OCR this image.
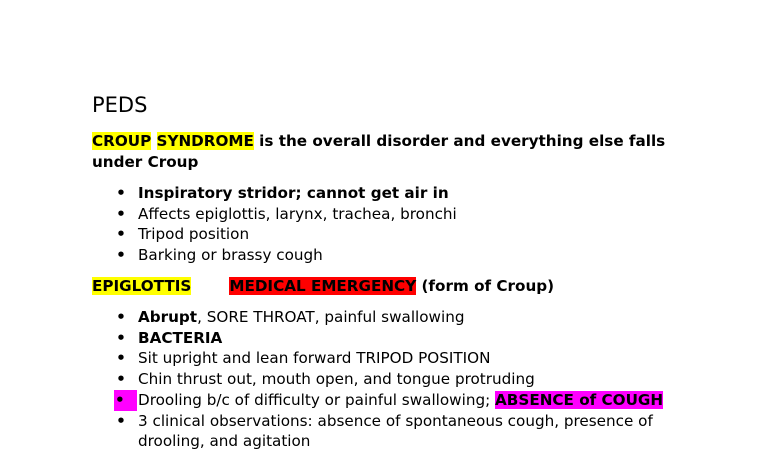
PEDS
CROUP SYNDROME is the overall disorder and everything else falls
under Croup
• Inspiratory stridor; cannot get air in
• Affects epiglottis, larynx, trachea, bronchi
• Tripod position
• Barking or brassy cough
EPIGLOTTIS	MEDICAL EMERGENCY (form of Croup)
• Abrupt, SORE THROAT, painful swallowing
• BACTERIA
• Sit upright and lean forward TRIPOD POSITION
• Chin thrust out, mouth open, and tongue protruding
• Drooling b/c of difficulty or painful swallowing; ABSENCE of COUGH
• 3 clinical observations: absence of spontaneous cough, presence of
drooling, and agitation
